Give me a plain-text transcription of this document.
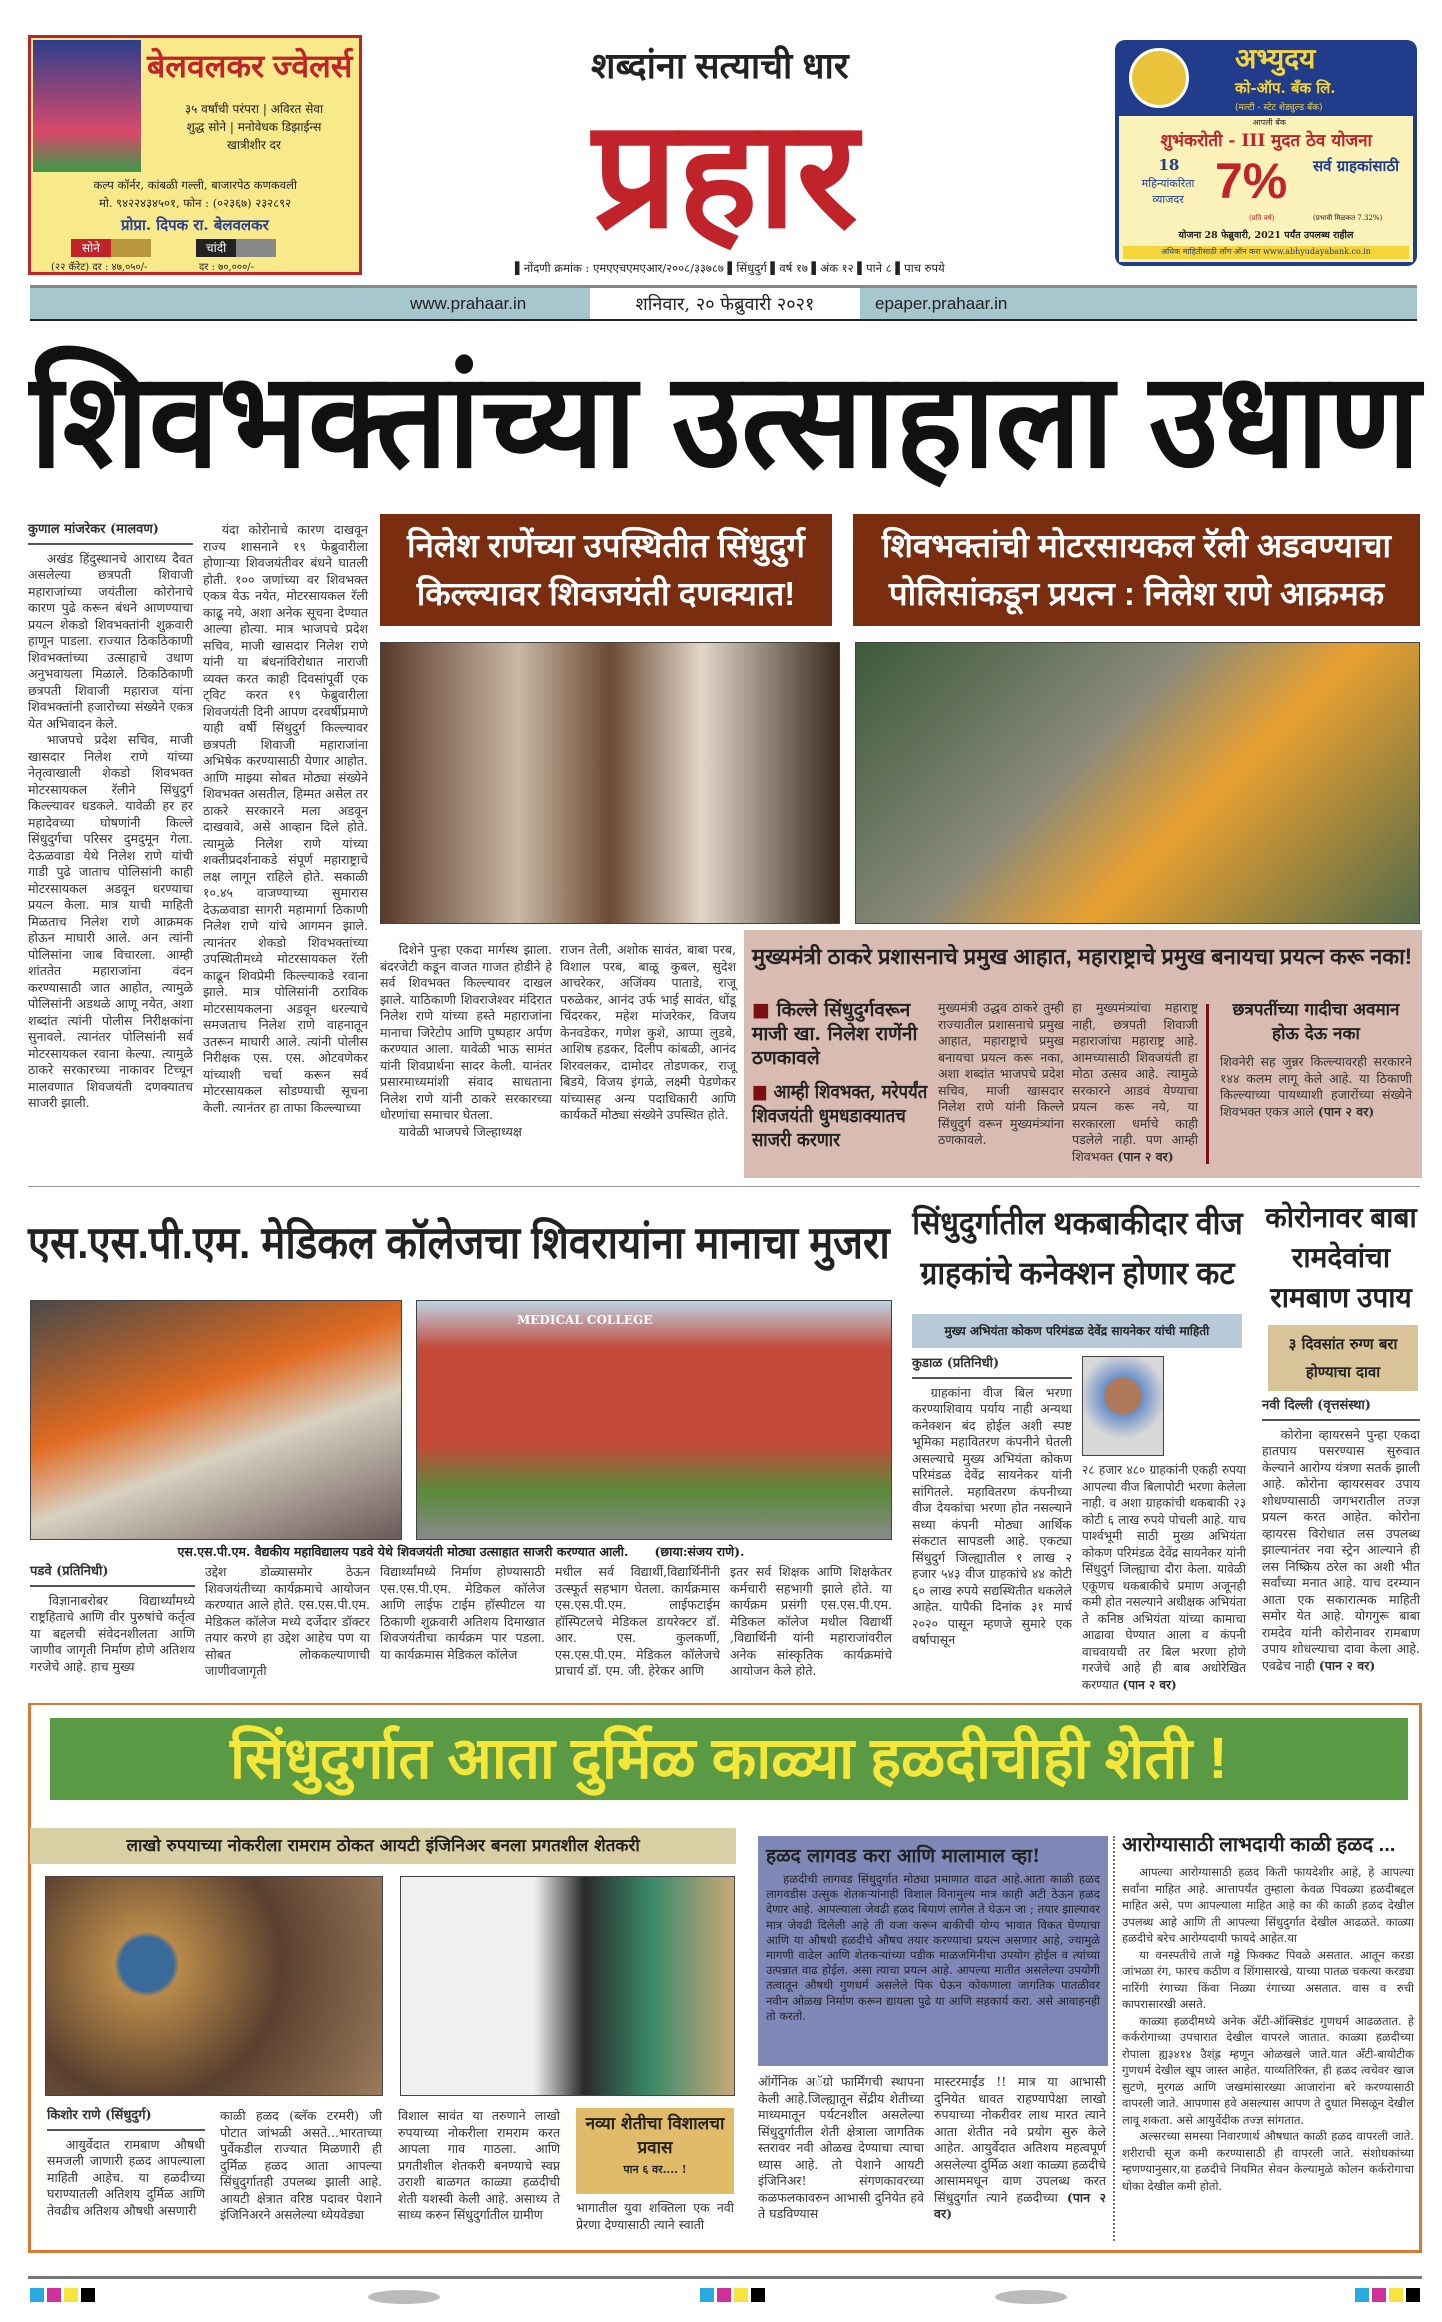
बेलवलकर ज्वेलर्स
३५ वर्षांची परंपरा | अविरत सेवा
शुद्ध सोने | मनोवेधक डिझाईन्स
खात्रीशीर दर
कल्प कॉर्नर, कांबळी गल्ली, बाजारपेठ कणकवली
मो. ९४२२४३४५०१, फोन : (०२३६७) २३२८९२
प्रोप्रा. दिपक रा. बेलवलकर
सोने	चांदी
(२२ कॅरेट) दर : ४७,०५०/-	दर : ७०,०००/-
शब्दांना सत्याची धार
प्रहार
▌नोंदणी क्रमांक : एमएएचएमएआर/२००८/३३७८७ ▌सिंधुदुर्ग ▌वर्ष १७ ▌अंक १२ ▌पाने ८ ▌पाच रुपये
अभ्युदय
को-ऑप. बँक लि.
(मल्टी - स्टेट शेड्युल्ड बँक)
आपली बँक
शुभंकरोती - III मुदत ठेव योजना
18
महिन्यांकरिता व्याजदर 7%
(प्रति वर्ष)
सर्व ग्राहकांसाठी
(प्रभावी मिळकत 7.32%)
योजना 28 फेब्रुवारी, 2021 पर्यंत उपलब्ध राहील
अधिक माहितीसाठी लॉग ऑन करा www.abhyudayabank.co.in
www.prahaar.in	शनिवार, २० फेब्रुवारी २०२१	epaper.prahaar.in
शिवभक्तांच्या उत्साहाला उधाण
कुणाल मांजरेकर (मालवण)

अखंड हिंदुस्थानचे आराध्य दैवत असलेल्या छत्रपती शिवाजी महाराजांच्या जयंतीला कोरोनाचे कारण पुढे करून बंधने आणण्याचा प्रयत्न शेकडो शिवभक्तांनी शुक्रवारी हाणून पाडला. राज्यात ठिकठिकाणी शिवभक्तांच्या उत्साहाचे उधाण अनुभवायला मिळाले. ठिकठिकाणी छत्रपती शिवाजी महाराज यांना शिवभक्तांनी हजारोच्या संख्येने एकत्र येत अभिवादन केले.

भाजपचे प्रदेश सचिव, माजी खासदार निलेश राणे यांच्या नेतृत्वाखाली शेकडो शिवभक्त मोटरसायकल रॅलीने सिंधुदुर्ग किल्ल्यावर धडकले. यावेळी हर हर महादेवच्या घोषणांनी किल्ले सिंधुदुर्गचा परिसर दुमदुमून गेला. देऊळवाडा येथे निलेश राणे यांची गाडी पुढे जाताच पोलिसांनी काही मोटरसायकल अडवून धरण्याचा प्रयत्न केला. मात्र याची माहिती मिळताच निलेश राणे आक्रमक होऊन माघारी आले. अन त्यांनी पोलिसांना जाब विचारला. आम्ही शांततेत महाराजांना वंदन करण्यासाठी जात आहोत, त्यामुळे पोलिसांनी अडथळे आणू नयेत, अशा शब्दांत त्यांनी पोलीस निरीक्षकांना सुनावले. त्यानंतर पोलिसांनी सर्व मोटरसायकल रवाना केल्या. त्यामुळे ठाकरे सरकारच्या नाकावर टिच्चून मालवणात शिवजयंती दणक्यातच साजरी झाली.

यंदा कोरोनाचे कारण दाखवून राज्य शासनाने १९ फेब्रुवारीला होणाऱ्या शिवजयंतीवर बंधने घातली होती. १०० जणांच्या वर शिवभक्त एकत्र येऊ नयेत, मोटरसायकल रॅली काढू नये, अशा अनेक सूचना देण्यात आल्या होत्या. मात्र भाजपचे प्रदेश सचिव, माजी खासदार निलेश राणे यांनी या बंधनांविरोधात नाराजी व्यक्त करत काही दिवसांपूर्वी एक ट्विट करत १९ फेब्रुवारीला शिवजयंती दिनी आपण दरवर्षीप्रमाणे याही वर्षी सिंधुदुर्ग किल्ल्यावर छत्रपती शिवाजी महाराजांना अभिषेक करण्यासाठी येणार आहोत. आणि माझ्या सोबत मोठ्या संख्येने शिवभक्त असतील, हिम्मत असेल तर ठाकरे सरकारने मला अडवून दाखवावे, असे आव्हान दिले होते. त्यामुळे निलेश राणे यांच्या शक्तीप्रदर्शनाकडे संपूर्ण महाराष्ट्राचे लक्ष लागून राहिले होते. सकाळी १०.४५ वाजण्याच्या सुमारास देऊळवाडा सागरी महामार्गा ठिकाणी निलेश राणे यांचे आगमन झाले. त्यानंतर शेकडो शिवभक्तांच्या उपस्थितीमध्ये मोटरसायकल रॅली काढून शिवप्रेमी किल्ल्याकडे रवाना झाले. मात्र पोलिसांनी ठराविक मोटरसायकलना अडवून धरल्याचे समजताच निलेश राणे वाहनातून उतरून माघारी आले. त्यांनी पोलीस निरीक्षक एस. एस. ओटवणेकर यांच्याशी चर्चा करून सर्व मोटरसायकल सोडण्याची सूचना केली. त्यानंतर हा ताफा किल्ल्याच्या

निलेश राणेंच्या उपस्थितीत सिंधुदुर्ग किल्ल्यावर शिवजयंती दणक्यात!
शिवभक्तांची मोटरसायकल रॅली अडवण्याचा पोलिसांकडून प्रयत्न : निलेश राणे आक्रमक

दिशेने पुन्हा एकदा मार्गस्थ झाला. बंदरजेटी कडून वाजत गाजत होडीने हे सर्व शिवभक्त किल्ल्यावर दाखल झाले. याठिकाणी शिवराजेश्वर मंदिरात निलेश राणे यांच्या हस्ते महाराजांना मानाचा जिरेटोप आणि पुष्पहार अर्पण करण्यात आला. यावेळी भाऊ सामंत यांनी शिवप्रार्थना सादर केली. यानंतर प्रसारमाध्यमांशी संवाद साधताना निलेश राणे यांनी ठाकरे सरकारच्या धोरणांचा समाचार घेतला.

यावेळी भाजपचे जिल्हाध्यक्ष

राजन तेली, अशोक सावंत, बाबा परब, विशाल परब, बाळू कुबल, सुदेश आचरेकर, अजिंक्य पाताडे, राजू परुळेकर, आनंद उर्फ भाई सावंत, धोंडू चिंदरकर, महेश मांजरेकर, विजय केनवडेकर, गणेश कुशे, आप्पा लुडबे, आशिष हडकर, दिलीप कांबळी, आनंद शिरवलकर, दामोदर तोडणकर, राजू बिडये, विजय इंगळे, लक्ष्मी पेडणेकर यांच्यासह अन्य पदाधिकारी आणि कार्यकर्ते मोठ्या संख्येने उपस्थित होते.

मुख्यमंत्री ठाकरे प्रशासनाचे प्रमुख आहात, महाराष्ट्राचे प्रमुख बनायचा प्रयत्न करू नका!
■ किल्ले सिंधुदुर्गवरून माजी खा. निलेश राणेंनी ठणकावले
■ आम्ही शिवभक्त, मरेपर्यंत शिवजयंती धुमधडाक्यातच साजरी करणार
मुख्यमंत्री उद्धव ठाकरे तुम्ही राज्यातील प्रशासनाचे प्रमुख आहात, महाराष्ट्राचे प्रमुख बनायचा प्रयत्न करू नका, अशा शब्दांत भाजपचे प्रदेश सचिव, माजी खासदार निलेश राणे यांनी किल्ले सिंधुदुर्ग वरून मुख्यमंत्र्यांना ठणकावले.
हा मुख्यमंत्र्यांचा महाराष्ट्र नाही, छत्रपती शिवाजी महाराजांचा महाराष्ट्र आहे. आमच्यासाठी शिवजयंती हा मोठा उत्सव आहे. त्यामुळे सरकारने आडवं येण्याचा प्रयत्न करू नये, या सरकारला धर्माचे काही पडलेले नाही. पण आम्ही शिवभक्त (पान २ वर)
छत्रपतींच्या गादीचा अवमान होऊ देऊ नका
शिवनेरी सह जुन्नर किल्ल्यावरही सरकारने १४४ कलम लागू केले आहे. या ठिकाणी किल्ल्याच्या पायथ्याशी हजारोंच्या संख्येने शिवभक्त एकत्र आले (पान २ वर)
एस.एस.पी.एम. मेडिकल कॉलेजचा शिवरायांना मानाचा मुजरा
MEDICAL COLLEGE
एस.एस.पी.एम. वैद्यकीय महाविद्यालय पडवे येथे शिवजयंती मोठ्या उत्साहात साजरी करण्यात आली. (छाया:संजय राणे).
पडवे (प्रतिनिधी)

विज्ञानाबरोबर विद्यार्थ्यांमध्ये राष्ट्रहिताचे आणि वीर पुरुषांचे कर्तृत्व या बद्दलची संवेदनशीलता आणि जाणीव जागृती निर्माण होणे अतिशय गरजेचे आहे. हाच मुख्य

उद्देश डोळ्यासमोर ठेऊन शिवजयंतीच्या कार्यक्रमाचे आयोजन करण्यात आले होते. एस.एस.पी.एम. मेडिकल कॉलेज मध्ये दर्जेदार डॉक्टर तयार करणे हा उद्देश आहेच पण या सोबत लोककल्याणाची जाणीवजागृती
विद्यार्थ्यांमध्ये निर्माण होण्यासाठी एस.एस.पी.एम. मेडिकल कॉलेज आणि लाईफ टाईम हॉस्पीटल या ठिकाणी शुक्रवारी अतिशय दिमाखात शिवजयंतीचा कार्यक्रम पार पडला. या कार्यक्रमास मेडिकल कॉलेज
मधील सर्व विद्यार्थी,विद्यार्थिनींनी उत्स्फूर्त सहभाग घेतला. कार्यक्रमास एस.एस.पी.एम. लाईफटाईम हॉस्पिटलचे मेडिकल डायरेक्टर डॉ. आर. एस. कुलकर्णी, एस.एस.पी.एम. मेडिकल कॉलेजचे प्राचार्य डॉ. एम. जी. हेरेकर आणि
इतर सर्व शिक्षक आणि शिक्षकेतर कर्मचारी सहभागी झाले होते. या कार्यक्रम प्रसंगी एस.एस.पी.एम. मेडिकल कॉलेज मधील विद्यार्थी ,विद्यार्थिनी यांनी महाराजांवरील अनेक सांस्कृतिक कार्यक्रमांचे आयोजन केले होते.
सिंधुदुर्गातील थकबाकीदार वीज ग्राहकांचे कनेक्शन होणार कट
मुख्य अभियंता कोकण परिमंडळ देवेंद्र सायनेकर यांची माहिती
कुडाळ (प्रतिनिधी)

ग्राहकांना वीज बिल भरणा करण्याशिवाय पर्याय नाही अन्यथा कनेक्शन बंद होईल अशी स्पष्ट भूमिका महावितरण कंपनीने घेतली असल्याचे मुख्य अभियंता कोकण परिमंडळ देवेंद्र सायनेकर यांनी सांगितले. महावितरण कंपनीच्या वीज देयकांचा भरणा होत नसल्याने सध्या कंपनी मोठ्या आर्थिक संकटात सापडली आहे. एकट्या सिंधुदुर्ग जिल्ह्यातील १ लाख २ हजार ५४३ वीज ग्राहकांचे ४४ कोटी ६० लाख रुपये सद्यस्थितीत थकलेले आहेत. यापैकी दिनांक ३१ मार्च २०२० पासून म्हणजे सुमारे एक वर्षापासून

२८ हजार ४८० ग्राहकांनी एकही रुपया आपल्या वीज बिलापोटी भरणा केलेला नाही. व अशा ग्राहकांची थकबाकी २३ कोटी ६ लाख रुपये पोचली आहे. याच पार्श्वभूमी साठी मुख्य अभियंता कोकण परिमंडळ देवेंद्र सायनेकर यांनी सिंधुदुर्ग जिल्ह्याचा दौरा केला. यावेळी एकूणच थकबाकीचे प्रमाण अजूनही कमी होत नसल्याने अधीक्षक अभियंता ते कनिष्ठ अभियंता यांच्या कामाचा आढावा घेण्यात आला व कंपनी वाचवायची तर बिल भरणा होणे गरजेचे आहे ही बाब अधोरेखित करण्यात (पान २ वर)
कोरोनावर बाबा रामदेवांचा रामबाण उपाय
३ दिवसांत रुग्ण बरा होण्याचा दावा
नवी दिल्ली (वृत्तसंस्था)

कोरोना व्हायरसने पुन्हा एकदा हातपाय पसरण्यास सुरुवात केल्याने आरोग्य यंत्रणा सतर्क झाली आहे. कोरोना व्हायरसवर उपाय शोधण्यासाठी जगभरातील तज्ज्ञ प्रयत्न करत आहेत. कोरोना व्हायरस विरोधात लस उपलब्ध झाल्यानंतर नवा स्ट्रेन आल्याने ही लस निष्क्रिय ठरेल का अशी भीत सर्वांच्या मनात आहे. याच दरम्यान आता एक सकारात्मक माहिती समोर येत आहे. योगगुरू बाबा रामदेव यांनी कोरोनावर रामबाण उपाय शोधल्याचा दावा केला आहे. एवढेच नाही (पान २ वर)

सिंधुदुर्गात आता दुर्मिळ काळ्या हळदीचीही शेती !
लाखो रुपयाच्या नोकरीला रामराम ठोकत आयटी इंजिनिअर बनला प्रगतशील शेतकरी
किशोर राणे (सिंधुदुर्ग)

आयुर्वेदात रामबाण औषधी समजली जाणारी हळद आपल्याला माहिती आहेच. या हळदीच्या घराण्यातली अतिशय दुर्मिळ आणि तेवढीच अतिशय औषधी असणारी

काळी हळद (ब्लॅक टरमरी) जी पोटात जांभळी असते...भारताच्या पुर्वेकडील राज्यात मिळणारी ही दुर्मिळ हळद आता आपल्या सिंधुदुर्गातही उपलब्ध झाली आहे. आयटी क्षेत्रात वरिष्ठ पदावर पेशाने इंजिनिअरने असलेल्या ध्येयवेड्या
विशाल सावंत या तरुणाने लाखो रुपयाच्या नोकरीला रामराम करत आपला गाव गाठला. आणि प्रगतीशील शेतकरी बनण्याचे स्वप्न उराशी बाळगत काळ्या हळदीची शेती यशस्वी केली आहे. असाध्य ते साध्य करुन सिंधुदुर्गातील ग्रामीण
नव्या शेतीचा विशालचा प्रवास
पान ६ वर.... !
भागातील युवा शक्तिला एक नवी प्रेरणा देण्यासाठी त्याने स्वाती
हळद लागवड करा आणि मालामाल व्हा!
हळदीची लागवड सिंधुदुर्गात मोठ्या प्रमाणात वाढत आहे.आता काळी हळद लागवडीस उत्सुक शेतकऱ्यांनाही विशाल विनामुल्य मात्र काही अटी ठेऊन हळद देणार आहे. आपल्याला जेवढी हळद बियाणं लागेल ते घेऊन जा ; तयार झाल्यावर मात्र जेवढी दिलेली आहे ती वजा करून बाकीची योग्य भावात विकत घेण्याचा आणि या औषधी हळदीचे औषध तयार करण्याचा प्रयत्न असणार आहे, ज्यामुळे मागणी वाढेल आणि शेतकऱ्यांच्या पडीक माळजमिनीचा उपयोग होईल व त्यांच्या उत्पन्नात वाढ होईल. असा त्याचा प्रयत्न आहे. आपल्या मातीत असलेल्या उपयोगी तत्वातून औषधी गुणधर्म असलेले पिक घेऊन कोकणाला जागतिक पातळीवर नवीन ओळख निर्माण करून द्यायला पुढे या आणि सहकार्य करा. असे आवाहनही तो करतो.
ऑर्गेनिक अॅग्रो फार्मिंगची स्थापना केली आहे.जिल्ह्यातून सेंद्रीय शेतीच्या माध्यमातून पर्यटनशील असलेल्या सिंधुदुर्गातील शेती क्षेत्राला जागतिक स्तरावर नवी ओळख देण्याचा त्याचा ध्यास आहे. तो पेशाने आयटी इंजिनिअर! संगणकावरच्या कळफलकावरुन आभासी दुनियेत हवे ते घडविण्यास
मास्टरमाईंड !! मात्र या आभासी दुनियेत धावत राहण्यापेक्षा लाखो रुपयाच्या नोकरीवर लाथ मारत त्याने आता शेतीत नवे प्रयोग सुरु केले आहेत. आयुर्वेदात अतिशय महत्वपूर्ण असलेल्या दुर्मिळ अशा काळ्या हळदीचे आसाममधून वाण उपलब्ध करत सिंधुदुर्गात त्याने हळदीच्या (पान २ वर)
आरोग्यासाठी लाभदायी काळी हळद ...

आपल्या आरोग्यासाठी हळद किती फायदेशीर आहे, हे आपल्या सर्वांना माहित आहे. आत्तापर्यंत तुम्हाला केवळ पिवळ्या हळदीबद्दल माहित असे, पण आपल्याला माहित आहे का की काळी हळद देखील उपलब्ध आहे आणि ती आपल्या सिंधुदुर्गात देखील आढळते. काळ्या हळदीचे बरेच आरोग्यदायी फायदे आहेत.या

या वनस्पतीचे ताजे गड्डे फिक्कट पिवळे असतात. आतून करडा जांभळा रंग, फारच कठीण व शिंगासारखे, याच्या पातळ चकत्या करड्या नारिंगी रंगाच्या किंवा निळ्या रंगाच्या असतात. वास व रुची कापरासारखी असते.

काळ्या हळदीमध्ये अनेक अँटी-ऑक्सिडंट गुणधर्म आढळतात. हे कर्करोगाच्या उपचारात देखील वापरले जातात. काळ्या हळदीच्या रोपाला ह्य३४१४ उैश्ंह्र म्हणून ओळखले जाते.यात अँटी-बायोटीक गुणधर्म देखील खूप जास्त आहेत. याव्यतिरिक्त, ही हळद त्वचेवर खाज सुटणे, मुरगळ आणि जखमांसारख्या आजारांना बरे करण्यासाठी वापरली जाते. आपणास हवे असल्यास आपण ते दुधात मिसळून देखील लावू शकता. असे आयुर्वेदीक तज्ज्ञ सांगतात.

अल्सरच्या समस्या निवारणार्थ औषधात काळी हळद वापरली जाते. शरीराची सूज कमी करण्यासाठी ही वापरली जाते. संशोधकांच्या म्हणण्यानुसार,या हळदीचे नियमित सेवन केल्यामुळे कोलन कर्करोगाचा धोका देखील कमी होतो.
